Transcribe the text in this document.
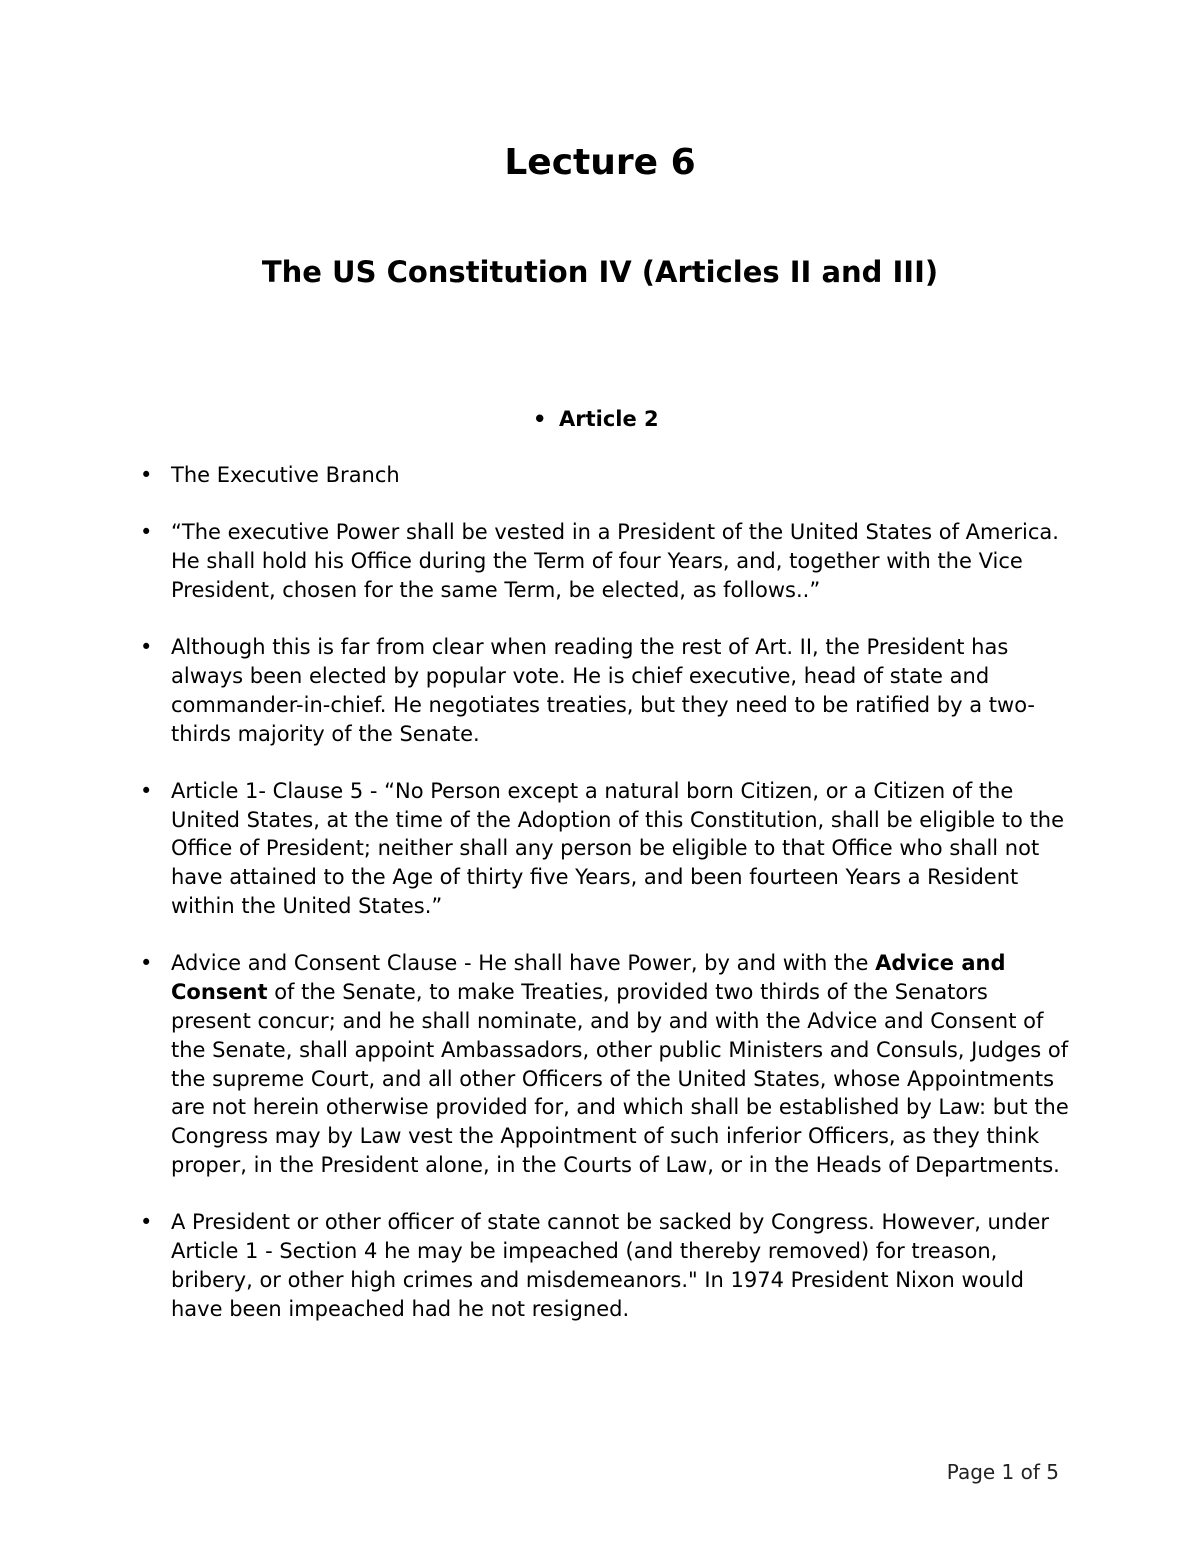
Lecture 6
The US Constitution IV (Articles II and III)
• Article 2
• The Executive Branch
• “The executive Power shall be vested in a President of the United States of America. He shall hold his Office during the Term of four Years, and, together with the Vice President, chosen for the same Term, be elected, as follows..”
• Although this is far from clear when reading the rest of Art. II, the President has always been elected by popular vote. He is chief executive, head of state and commander-in-chief. He negotiates treaties, but they need to be ratified by a two-thirds majority of the Senate.
• Article 1- Clause 5 - “No Person except a natural born Citizen, or a Citizen of the United States, at the time of the Adoption of this Constitution, shall be eligible to the Office of President; neither shall any person be eligible to that Office who shall not have attained to the Age of thirty five Years, and been fourteen Years a Resident within the United States.”
• Advice and Consent Clause - He shall have Power, by and with the Advice and Consent of the Senate, to make Treaties, provided two thirds of the Senators present concur; and he shall nominate, and by and with the Advice and Consent of the Senate, shall appoint Ambassadors, other public Ministers and Consuls, Judges of the supreme Court, and all other Officers of the United States, whose Appointments are not herein otherwise provided for, and which shall be established by Law: but the Congress may by Law vest the Appointment of such inferior Officers, as they think proper, in the President alone, in the Courts of Law, or in the Heads of Departments.
• A President or other officer of state cannot be sacked by Congress. However, under Article 1 - Section 4 he may be impeached (and thereby removed) for treason, bribery, or other high crimes and misdemeanors." In 1974 President Nixon would have been impeached had he not resigned.
Page 1 of 5
